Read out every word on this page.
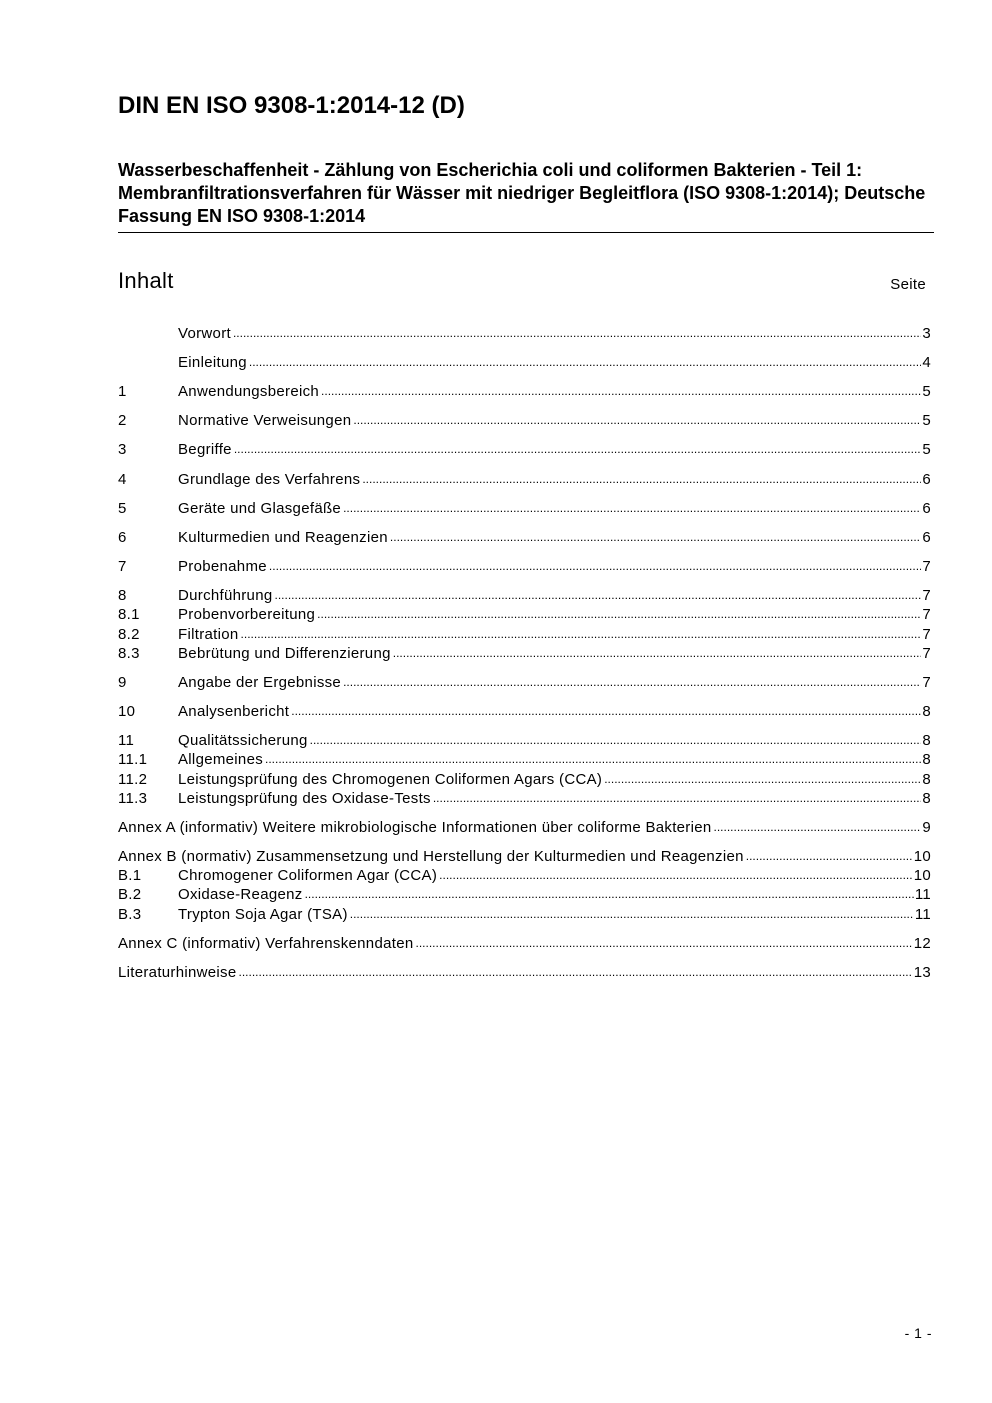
DIN EN ISO 9308-1:2014-12 (D)
Wasserbeschaffenheit - Zählung von Escherichia coli und coliformen Bakterien - Teil 1: Membranfiltrationsverfahren für Wässer mit niedriger Begleitflora (ISO 9308-1:2014); Deutsche Fassung EN ISO 9308-1:2014
Inhalt	Seite
Vorwort .....	3
Einleitung .....	4
1	Anwendungsbereich .....	5
2	Normative Verweisungen .....	5
3	Begriffe .....	5
4	Grundlage des Verfahrens .....	6
5	Geräte und Glasgefäße .....	6
6	Kulturmedien und Reagenzien .....	6
7	Probenahme .....	7
8	Durchführung .....	7
8.1	Probenvorbereitung .....	7
8.2	Filtration .....	7
8.3	Bebrütung und Differenzierung .....	7
9	Angabe der Ergebnisse .....	7
10	Analysenbericht .....	8
11	Qualitätssicherung .....	8
11.1	Allgemeines .....	8
11.2	Leistungsprüfung des Chromogenen Coliformen Agars (CCA) .....	8
11.3	Leistungsprüfung des Oxidase-Tests .....	8
Annex A (informativ) Weitere mikrobiologische Informationen über coliforme Bakterien .....	9
Annex B (normativ) Zusammensetzung und Herstellung der Kulturmedien und Reagenzien .....	10
B.1	Chromogener Coliformen Agar (CCA) .....	10
B.2	Oxidase-Reagenz .....	11
B.3	Trypton Soja Agar (TSA) .....	11
Annex C (informativ) Verfahrenskenndaten .....	12
Literaturhinweise .....	13
- 1 -
